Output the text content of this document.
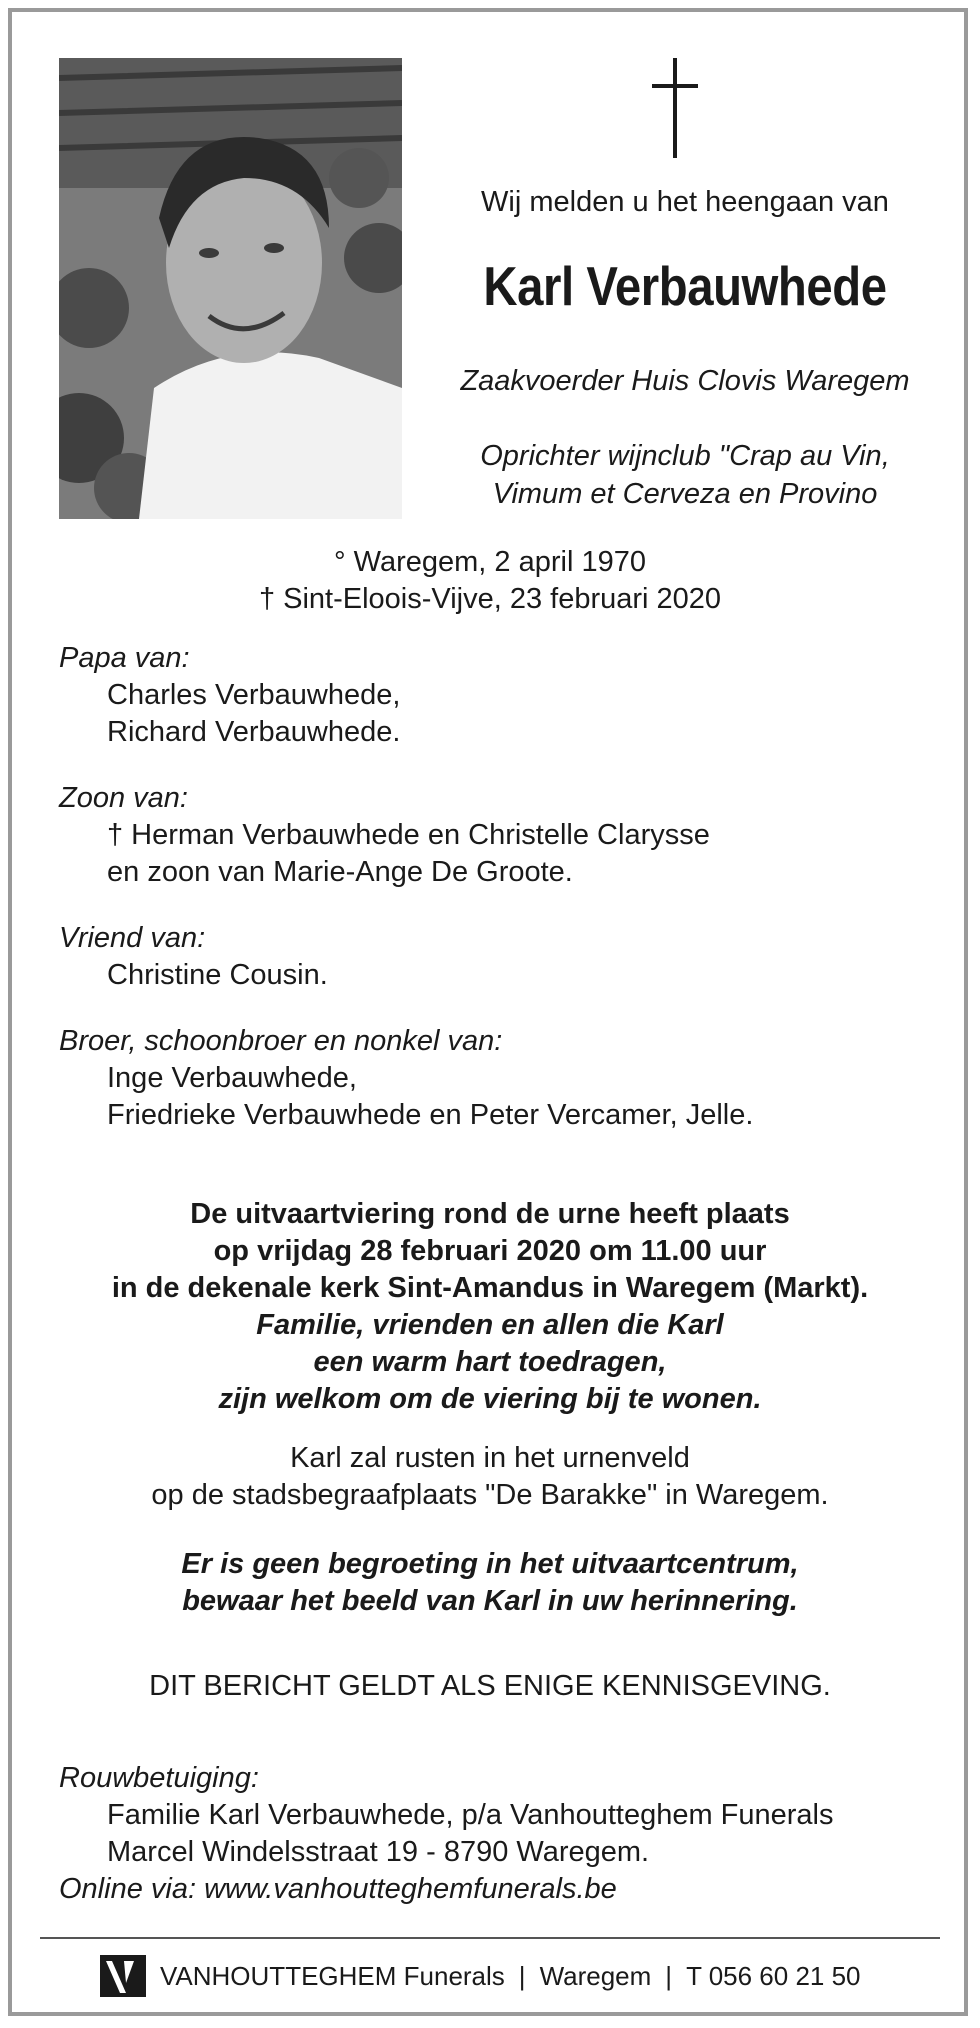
Wij melden u het heengaan van
Karl Verbauwhede
Zaakvoerder Huis Clovis Waregem
Oprichter wijnclub "Crap au Vin,
Vimum et Cerveza en Provino
° Waregem, 2 april 1970
† Sint-Eloois-Vijve, 23 februari 2020
Papa van:
Charles Verbauwhede,
Richard Verbauwhede.
Zoon van:
† Herman Verbauwhede en Christelle Clarysse
en zoon van Marie-Ange De Groote.
Vriend van:
Christine Cousin.
Broer, schoonbroer en nonkel van:
Inge Verbauwhede,
Friedrieke Verbauwhede en Peter Vercamer, Jelle.
De uitvaartviering rond de urne heeft plaats
op vrijdag 28 februari 2020 om 11.00 uur
in de dekenale kerk Sint-Amandus in Waregem (Markt).
Familie, vrienden en allen die Karl
een warm hart toedragen,
zijn welkom om de viering bij te wonen.
Karl zal rusten in het urnenveld
op de stadsbegraafplaats "De Barakke" in Waregem.
Er is geen begroeting in het uitvaartcentrum,
bewaar het beeld van Karl in uw herinnering.
DIT BERICHT GELDT ALS ENIGE KENNISGEVING.
Rouwbetuiging:
Familie Karl Verbauwhede, p/a Vanhoutteghem Funerals
Marcel Windelsstraat 19 - 8790 Waregem.
Online via: www.vanhoutteghemfunerals.be
VANHOUTTEGHEM Funerals | Waregem | T 056 60 21 50
